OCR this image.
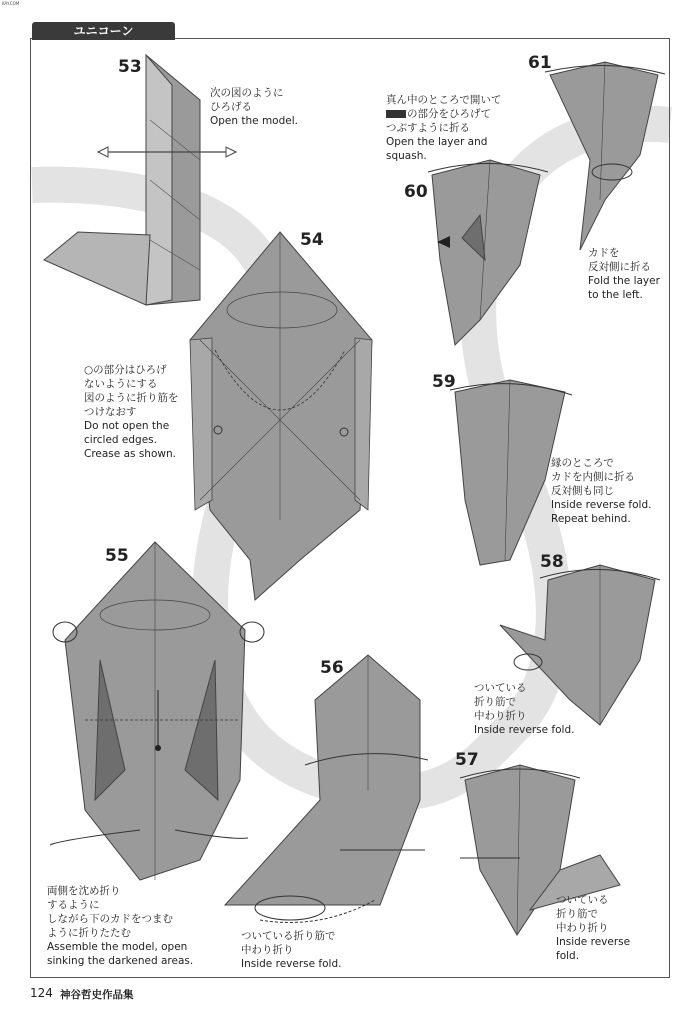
KAY.COM
ユニコーン
53
54
55
56
57
58
59
60
61
次の図のように
ひろげる
Open the model.
○の部分はひろげ
ないようにする
図のように折り筋を
つけなおす
Do not open the
circled edges.
Crease as shown.
両側を沈め折り
するように
しながら下のカドをつまむ
ように折りたたむ
Assemble the model, open
sinking the darkened areas.
ついている折り筋で
中わり折り
Inside reverse fold.
ついている
折り筋で
中わり折り
Inside reverse
fold.
ついている
折り筋で
中わり折り
Inside reverse fold.
縁のところで
カドを内側に折る
反対側も同じ
Inside reverse fold.
Repeat behind.
真ん中のところで開いて
の部分をひろげて
つぶすように折る
Open the layer and
squash.
カドを
反対側に折る
Fold the layer
to the left.
124 神谷哲史作品集
